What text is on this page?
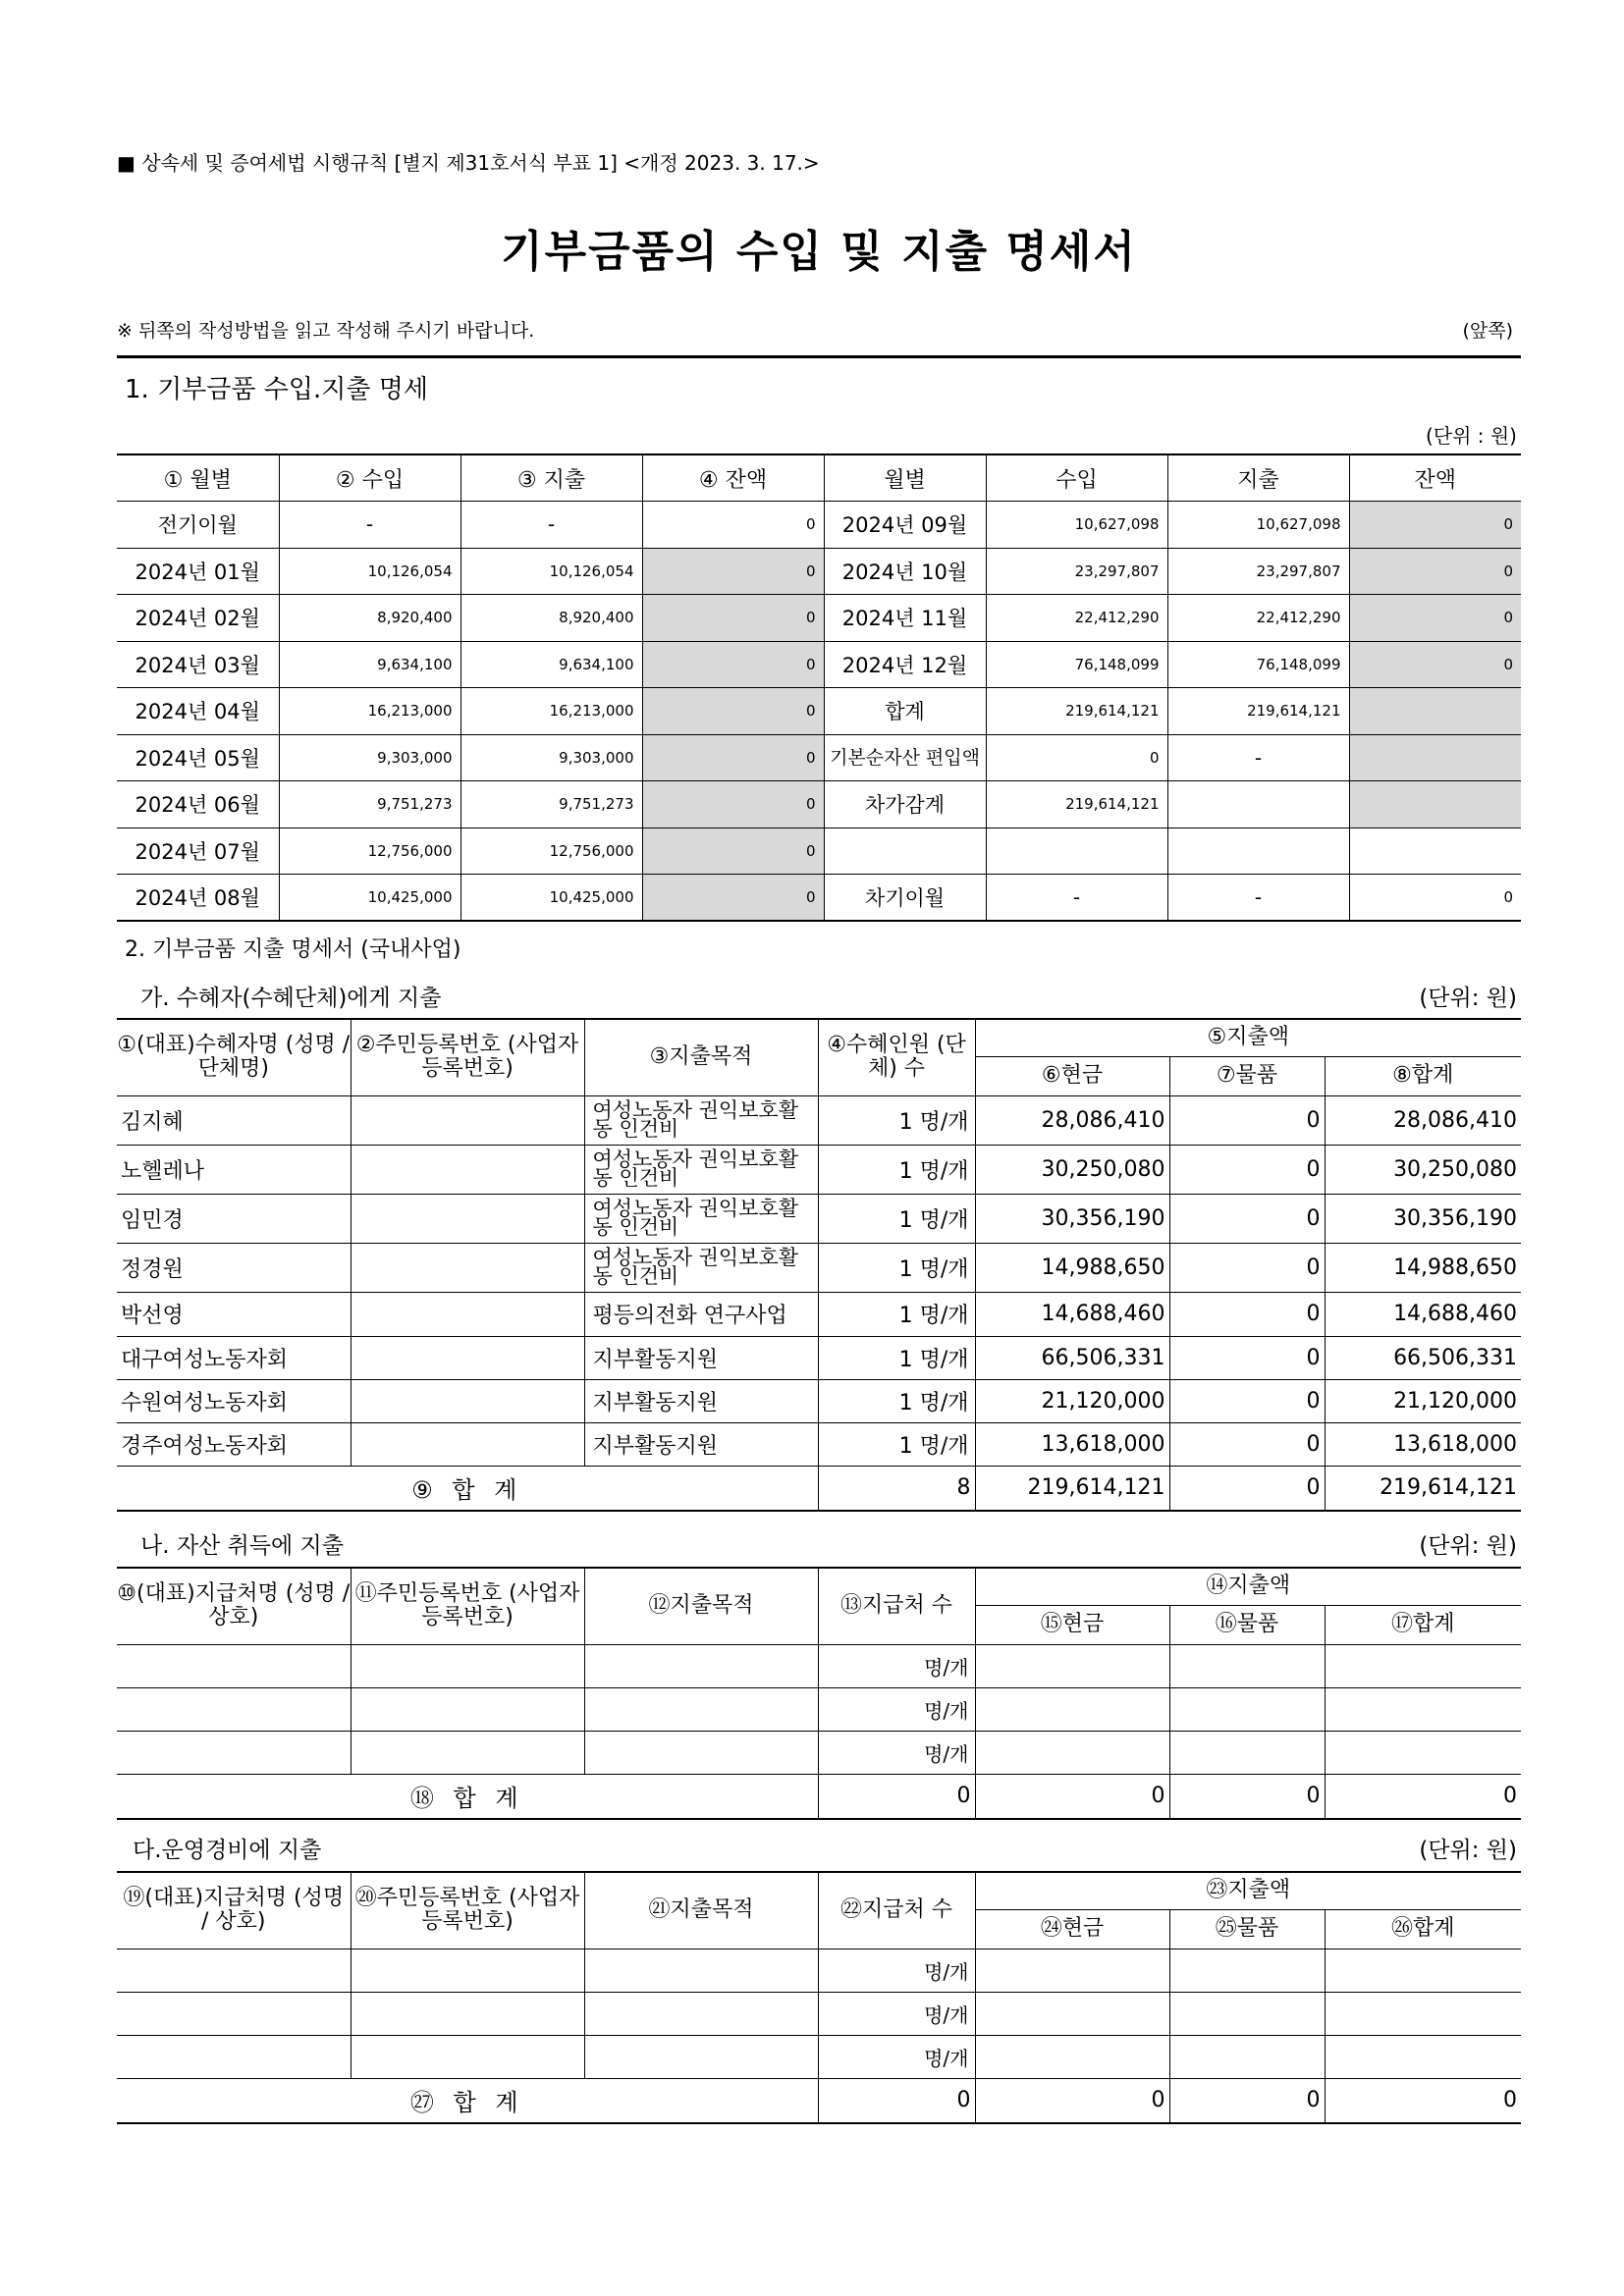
■ 상속세 및 증여세법 시행규칙 [별지 제31호서식 부표 1] <개정 2023. 3. 17.>
기부금품의 수입 및 지출 명세서
※ 뒤쪽의 작성방법을 읽고 작성해 주시기 바랍니다.	(앞쪽)
1. 기부금품 수입.지출 명세
(단위 : 원)
① 월별	② 수입	③ 지출	④ 잔액	월별	수입	지출	잔액
전기이월	-	-	0	2024년 09월	10,627,098	10,627,098	0
2024년 01월	10,126,054	10,126,054	0	2024년 10월	23,297,807	23,297,807	0
2024년 02월	8,920,400	8,920,400	0	2024년 11월	22,412,290	22,412,290	0
2024년 03월	9,634,100	9,634,100	0	2024년 12월	76,148,099	76,148,099	0
2024년 04월	16,213,000	16,213,000	0	합계	219,614,121	219,614,121	
2024년 05월	9,303,000	9,303,000	0	기본순자산 편입액	0	-	
2024년 06월	9,751,273	9,751,273	0	차가감계	219,614,121		
2024년 07월	12,756,000	12,756,000	0				
2024년 08월	10,425,000	10,425,000	0	차기이월	-	-	0
2. 기부금품 지출 명세서 (국내사업)
가. 수혜자(수혜단체)에게 지출	(단위: 원)
①(대표)수혜자명 (성명 / 단체명)	②주민등록번호 (사업자등록번호)	③지출목적	④수혜인원 (단체) 수	⑤지출액		
				⑥현금	⑦물품	⑧합계
김지혜		여성노동자 권익보호활동 인건비	1 명/개	28,086,410	0	28,086,410
노헬레나		여성노동자 권익보호활동 인건비	1 명/개	30,250,080	0	30,250,080
임민경		여성노동자 권익보호활동 인건비	1 명/개	30,356,190	0	30,356,190
정경원		여성노동자 권익보호활동 인건비	1 명/개	14,988,650	0	14,988,650
박선영		평등의전화 연구사업	1 명/개	14,688,460	0	14,688,460
대구여성노동자회		지부활동지원	1 명/개	66,506,331	0	66,506,331
수원여성노동자회		지부활동지원	1 명/개	21,120,000	0	21,120,000
경주여성노동자회		지부활동지원	1 명/개	13,618,000	0	13,618,000
⑨ 합 계			8	219,614,121	0	219,614,121
나. 자산 취득에 지출	(단위: 원)
⑩(대표)지급처명 (성명 / 상호)	⑪주민등록번호 (사업자등록번호)	⑫지출목적	⑬지급처 수	⑭지출액		
				⑮현금	⑯물품	⑰합계
			명/개			
			명/개			
			명/개			
⑱ 합 계			0	0	0	0
다.운영경비에 지출	(단위: 원)
⑲(대표)지급처명 (성명 / 상호)	⑳주민등록번호 (사업자등록번호)	㉑지출목적	㉒지급처 수	㉓지출액		
				㉔현금	㉕물품	㉖합계
			명/개			
			명/개			
			명/개			
㉗ 합 계			0	0	0	0
